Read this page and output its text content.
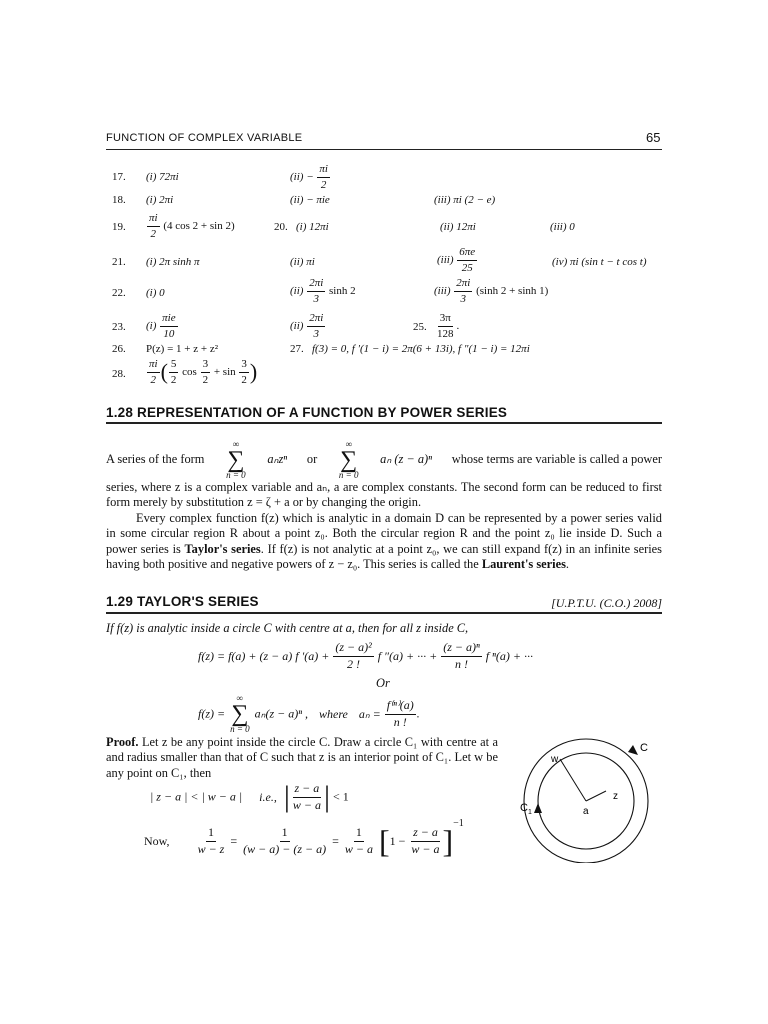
FUNCTION OF COMPLEX VARIABLE	65
17. (i) 72πi	$(ii) - \frac{\pi i}{2}$
18. (i) 2πi	(ii) − πie	(iii) πi (2 − e)
19. $\frac{\pi i}{2} (4$ cos 2 + sin 2)	20. (i) 12πi	(ii) 12πi	(iii) 0
21. (i) 2π sinh π	(ii) πi	$(iii) \frac{6\pi e}{25}$	(iv) πi (sin t − t cos t)
22. (i) 0	$(ii) \frac{2\pi i}{3}$ sinh 2	$(iii) \frac{2\pi i}{3} (\sinh$ 2 + sinh 1)
23. $(i) \frac{\text{πie}}{10}$	$(ii) \frac{2\pi i}{3}$	25. $\frac{3\pi}{128}$ .
26. P(z) = 1 + z + z²	27. f(3) = 0, f ′(1 − i) = 2π(6 + 13i), f ″(1 − i) = 12πi
28. $\frac{\pi i}{2}$ ( $\frac{5}{2}$ $\cos \frac{3}{2} + \sin \frac{3}{2}$ )
1.28 REPRESENTATION OF A FUNCTION BY POWER SERIES
A series of the form
∞
∑
n = 0
aₙzⁿ or
∞
∑
n = 0
aₙ (z − a)ⁿ whose terms are variable is called a power

series, where z is a complex variable and aₙ, a are complex constants. The second form can be reduced to first form merely by substitution z = ζ + a or by changing the origin.

Every complex function f(z) which is analytic in a domain D can be represented by a power series valid in some circular region R about a point z₀. Both the circular region R and the point z₀ lie inside D. Such a power series is Taylor's series. If f(z) is not analytic at a point z₀, we can still expand f(z) in an infinite series having both positive and negative powers of z − z₀. This series is called the Laurent's series.

1.29 TAYLOR'S SERIES	[U.P.T.U. (C.O.) 2008]
If f(z) is analytic inside a circle C with centre at a, then for all z inside C,
f(z) = f(a) + (z − a) f $'(a) + \frac{\text{(z − a)²}}{2 !}$ f ″(a) + ··· + $\frac{\text{(z − a)ⁿ}}{n !}$ f ⁿ(a) + ···
Or
f(z) =
∞
∑
n = 0
aₙ(z − a)ⁿ , where $a_n = \frac{\text{f⁽ⁿ⁾(a)}}{n !}$ .

Proof. Let z be any point inside the circle C. Draw a circle C₁ with centre at a and radius smaller than that of C such that z is an interior point of C₁. Let w be any point on C₁, then

| z − a | < | w − a | i.e., | $\frac{z - a}{w - a}$ | < 1
Now, $\frac{1}{w - z} = \frac{1}{(w - a) - (z - a)} = \frac{1}{w - a} [1 - \frac{z - a}{w - a} ]^{-1}$
C
$C_1$
w
a
z
